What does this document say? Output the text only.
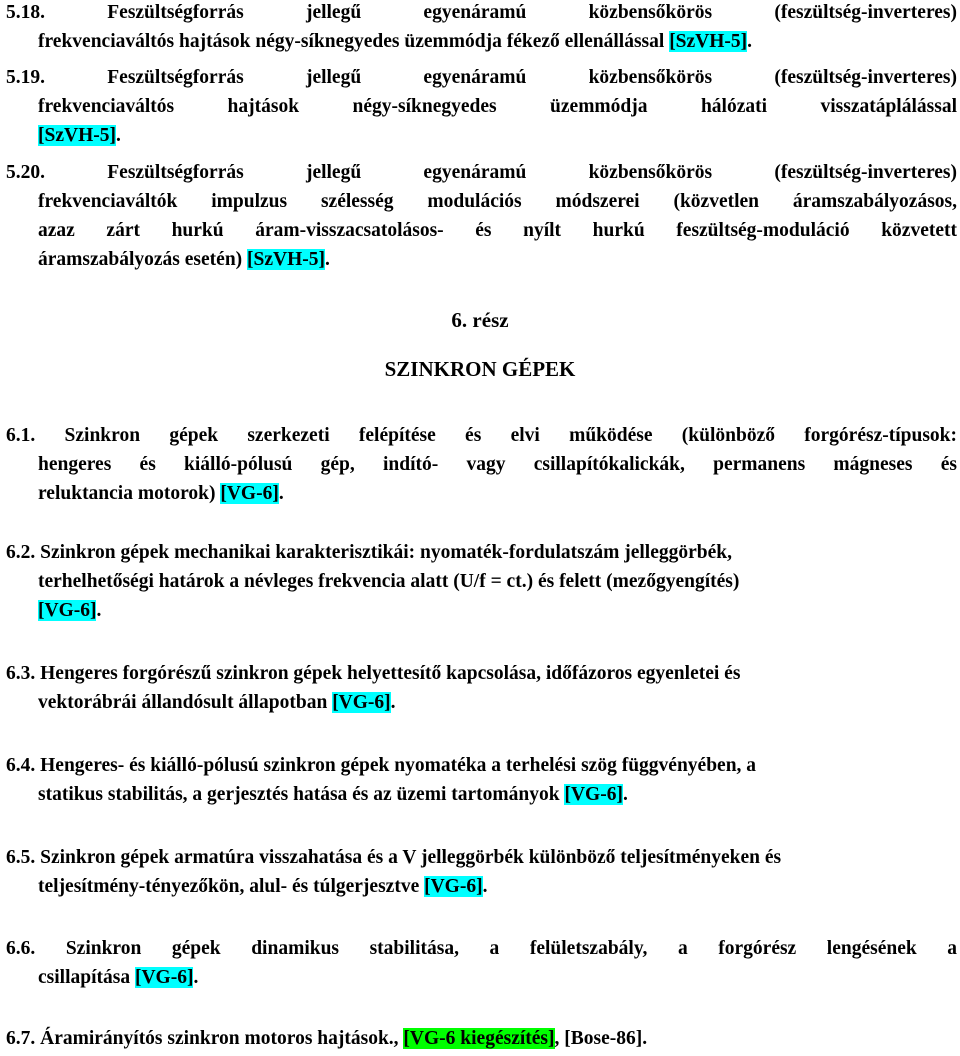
5.18.	Feszültségforrás jellegű egyenáramú közbensőkörös (feszültség-inverteres)
frekvenciaváltós hajtások négy-síknegyedes üzemmódja fékező ellenállással [SzVH-5].
5.19.	Feszültségforrás jellegű egyenáramú közbensőkörös (feszültség-inverteres)
frekvenciaváltós hajtások négy-síknegyedes üzemmódja hálózati visszatáplálással
[SzVH-5].
5.20.	Feszültségforrás jellegű egyenáramú közbensőkörös (feszültség-inverteres)
frekvenciaváltók impulzus szélesség modulációs módszerei (közvetlen áramszabályozásos,
azaz zárt hurkú áram-visszacsatolásos- és nyílt hurkú feszültség-moduláció közvetett
áramszabályozás esetén) [SzVH-5].
6. rész
SZINKRON GÉPEK
6.1. Szinkron gépek szerkezeti felépítése és elvi működése (különböző forgórész-típusok:
hengeres és kiálló-pólusú gép, indító- vagy csillapítókalickák, permanens mágneses és
reluktancia motorok) [VG-6].
6.2. Szinkron gépek mechanikai karakterisztikái: nyomaték-fordulatszám jelleggörbék,
terhelhetőségi határok a névleges frekvencia alatt (U/f = ct.) és felett (mezőgyengítés)
[VG-6].
6.3. Hengeres forgórészű szinkron gépek helyettesítő kapcsolása, időfázoros egyenletei és
vektorábrái állandósult állapotban [VG-6].
6.4. Hengeres- és kiálló-pólusú szinkron gépek nyomatéka a terhelési szög függvényében, a
statikus stabilitás, a gerjesztés hatása és az üzemi tartományok [VG-6].
6.5. Szinkron gépek armatúra visszahatása és a V jelleggörbék különböző teljesítményeken és
teljesítmény-tényezőkön, alul- és túlgerjesztve [VG-6].
6.6. Szinkron gépek dinamikus stabilitása, a felületszabály, a forgórész lengésének a
csillapítása [VG-6].
6.7. Áramirányítós szinkron motoros hajtások., [VG-6 kiegészítés], [Bose-86].
